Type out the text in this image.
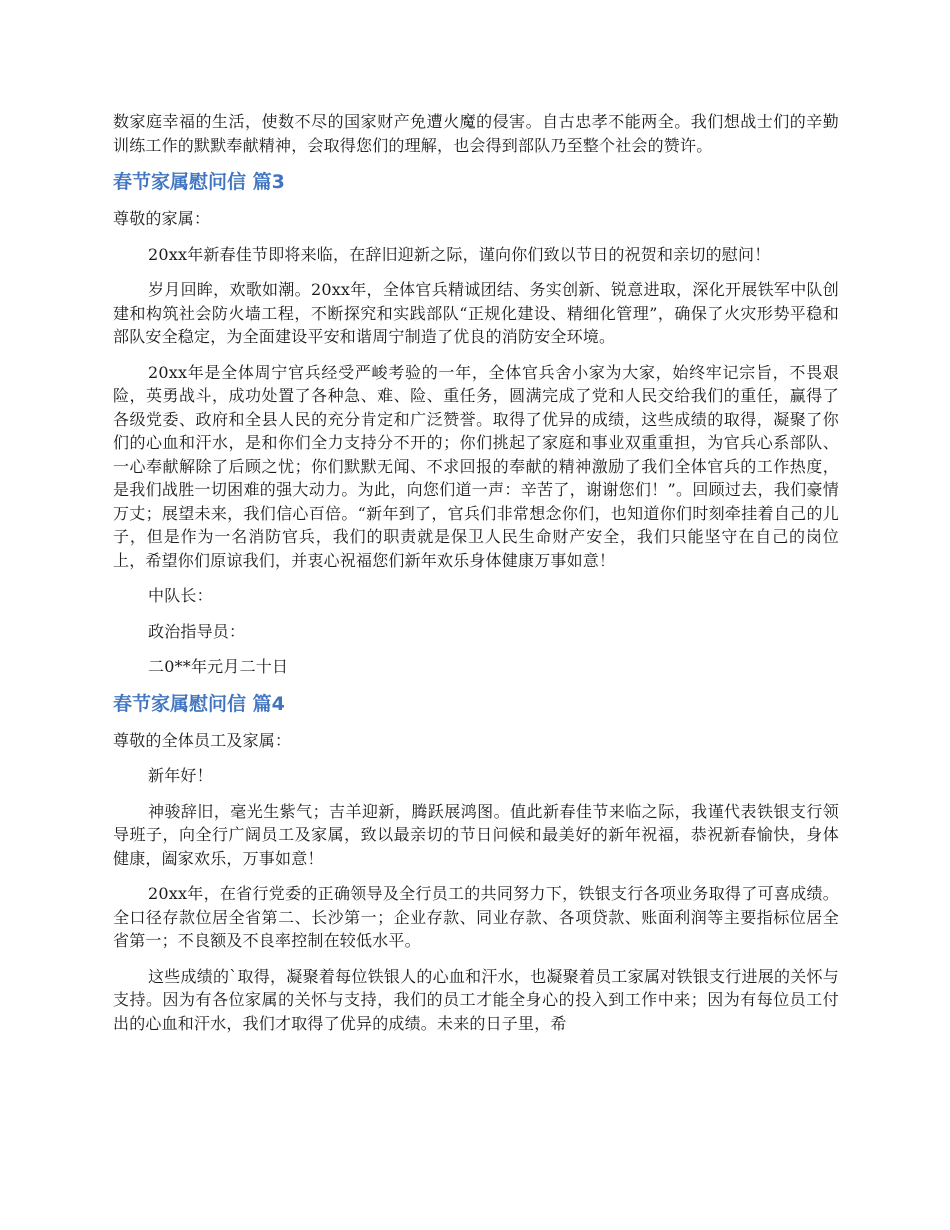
数家庭幸福的生活，使数不尽的国家财产免遭火魔的侵害。自古忠孝不能两全。我们想战士们的辛勤训练工作的默默奉献精神，会取得您们的理解，也会得到部队乃至整个社会的赞许。

春节家属慰问信 篇3

尊敬的家属：

20xx年新春佳节即将来临，在辞旧迎新之际，谨向你们致以节日的祝贺和亲切的慰问！

岁月回眸，欢歌如潮。20xx年，全体官兵精诚团结、务实创新、锐意进取，深化开展铁军中队创建和构筑社会防火墙工程，不断探究和实践部队“正规化建设、精细化管理”，确保了火灾形势平稳和部队安全稳定，为全面建设平安和谐周宁制造了优良的消防安全环境。

20xx年是全体周宁官兵经受严峻考验的一年，全体官兵舍小家为大家，始终牢记宗旨，不畏艰险，英勇战斗，成功处置了各种急、难、险、重任务，圆满完成了党和人民交给我们的重任，赢得了各级党委、政府和全县人民的充分肯定和广泛赞誉。取得了优异的成绩，这些成绩的取得，凝聚了你们的心血和汗水，是和你们全力支持分不开的；你们挑起了家庭和事业双重重担，为官兵心系部队、一心奉献解除了后顾之忧；你们默默无闻、不求回报的奉献的精神激励了我们全体官兵的工作热度，是我们战胜一切困难的强大动力。为此，向您们道一声：辛苦了，谢谢您们！”。回顾过去，我们豪情万丈；展望未来，我们信心百倍。“新年到了，官兵们非常想念你们，也知道你们时刻牵挂着自己的儿子，但是作为一名消防官兵，我们的职责就是保卫人民生命财产安全，我们只能坚守在自己的岗位上，希望你们原谅我们，并衷心祝福您们新年欢乐身体健康万事如意！

中队长：

政治指导员：

二0**年元月二十日

春节家属慰问信 篇4

尊敬的全体员工及家属：

新年好！

神骏辞旧，毫光生紫气；吉羊迎新，腾跃展鸿图。值此新春佳节来临之际，我谨代表铁银支行领导班子，向全行广阔员工及家属，致以最亲切的节日问候和最美好的新年祝福，恭祝新春愉快，身体健康，阖家欢乐，万事如意！

20xx年，在省行党委的正确领导及全行员工的共同努力下，铁银支行各项业务取得了可喜成绩。全口径存款位居全省第二、长沙第一；企业存款、同业存款、各项贷款、账面利润等主要指标位居全省第一；不良额及不良率控制在较低水平。

这些成绩的`取得，凝聚着每位铁银人的心血和汗水，也凝聚着员工家属对铁银支行进展的关怀与支持。因为有各位家属的关怀与支持，我们的员工才能全身心的投入到工作中来；因为有每位员工付出的心血和汗水，我们才取得了优异的成绩。未来的日子里，希
